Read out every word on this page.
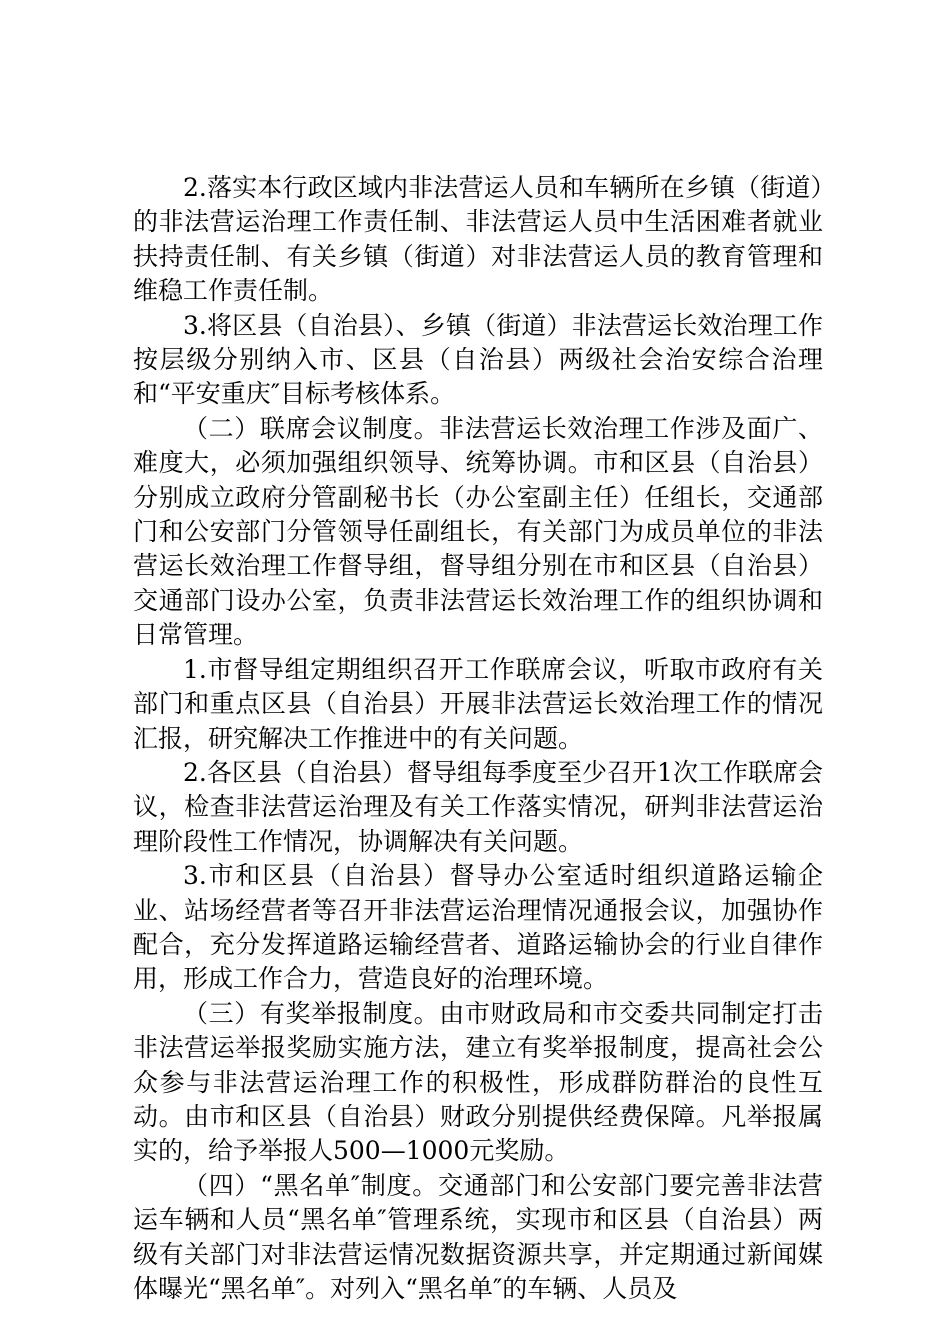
2.落实本行政区域内非法营运人员和车辆所在乡镇（街道）的非法营运治理工作责任制、非法营运人员中生活困难者就业扶持责任制、有关乡镇（街道）对非法营运人员的教育管理和维稳工作责任制。

3.将区县（自治县）、乡镇（街道）非法营运长效治理工作按层级分别纳入市、区县（自治县）两级社会治安综合治理和“平安重庆″目标考核体系。

（二）联席会议制度。非法营运长效治理工作涉及面广、难度大，必须加强组织领导、统筹协调。市和区县（自治县）分别成立政府分管副秘书长（办公室副主任）任组长，交通部门和公安部门分管领导任副组长，有关部门为成员单位的非法营运长效治理工作督导组，督导组分别在市和区县（自治县）交通部门设办公室，负责非法营运长效治理工作的组织协调和日常管理。

1.市督导组定期组织召开工作联席会议，听取市政府有关部门和重点区县（自治县）开展非法营运长效治理工作的情况汇报，研究解决工作推进中的有关问题。

2.各区县（自治县）督导组每季度至少召开1次工作联席会议，检查非法营运治理及有关工作落实情况，研判非法营运治理阶段性工作情况，协调解决有关问题。

3.市和区县（自治县）督导办公室适时组织道路运输企业、站场经营者等召开非法营运治理情况通报会议，加强协作配合，充分发挥道路运输经营者、道路运输协会的行业自律作用，形成工作合力，营造良好的治理环境。

（三）有奖举报制度。由市财政局和市交委共同制定打击非法营运举报奖励实施方法，建立有奖举报制度，提高社会公众参与非法营运治理工作的积极性，形成群防群治的良性互动。由市和区县（自治县）财政分别提供经费保障。凡举报属实的，给予举报人500—1000元奖励。

（四）“黑名单″制度。交通部门和公安部门要完善非法营运车辆和人员“黑名单″管理系统，实现市和区县（自治县）两级有关部门对非法营运情况数据资源共享，并定期通过新闻媒体曝光“黑名单″。对列入“黑名单″的车辆、人员及
